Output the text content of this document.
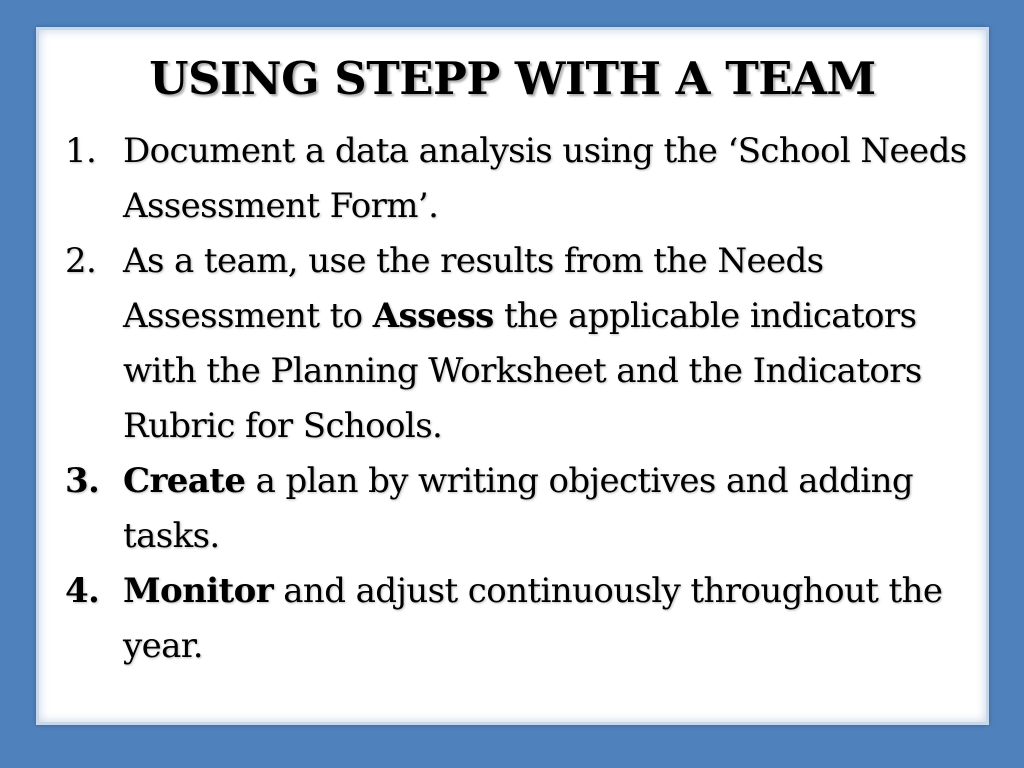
USING STEPP WITH A TEAM
1. Document a data analysis using the ‘School Needs Assessment Form’.
2. As a team, use the results from the Needs Assessment to Assess the applicable indicators with the Planning Worksheet and the Indicators Rubric for Schools.
3. Create a plan by writing objectives and adding tasks.
4. Monitor and adjust continuously throughout the year.
